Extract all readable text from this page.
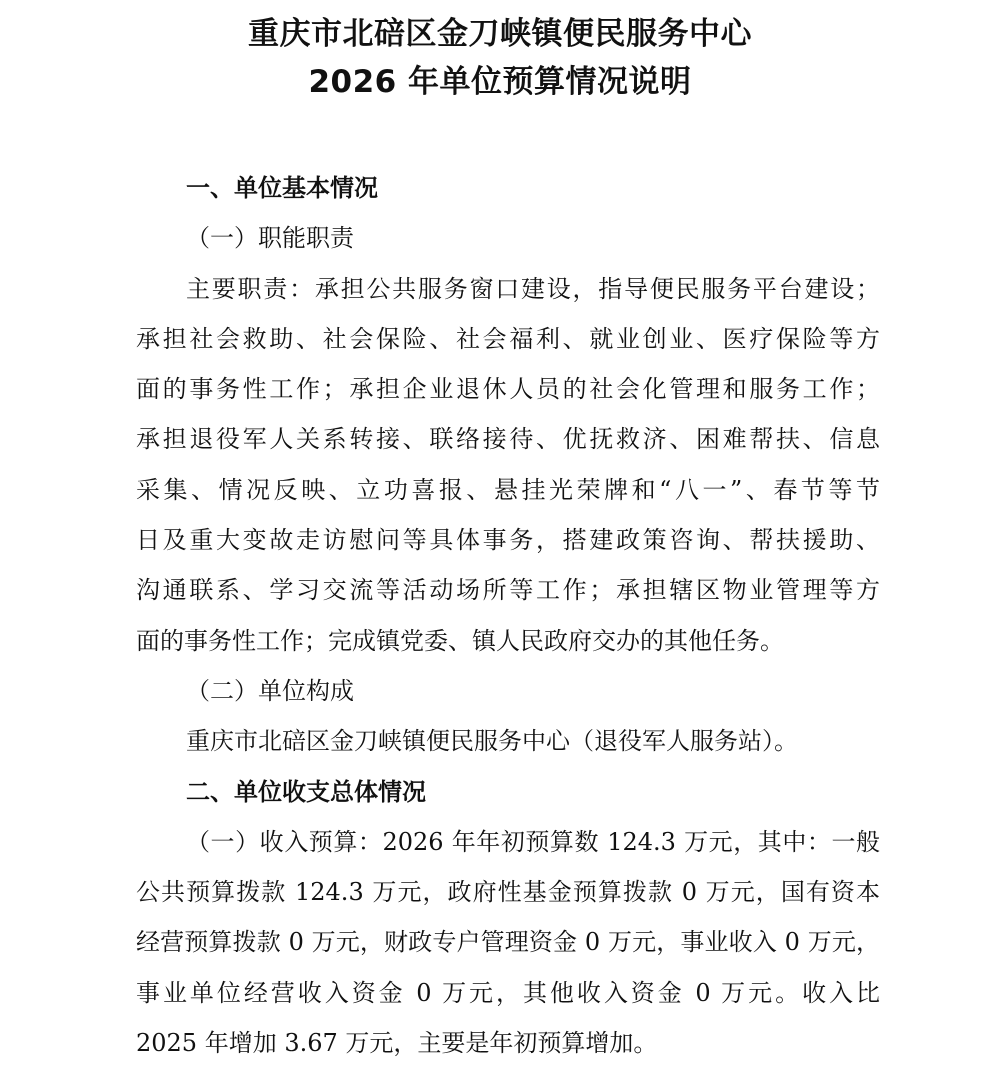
重庆市北碚区金刀峡镇便民服务中心
2026 年单位预算情况说明

一、单位基本情况

（一）职能职责

主要职责：承担公共服务窗口建设，指导便民服务平台建设；

承担社会救助、社会保险、社会福利、就业创业、医疗保险等方

面的事务性工作；承担企业退休人员的社会化管理和服务工作；

承担退役军人关系转接、联络接待、优抚救济、困难帮扶、信息

采集、情况反映、立功喜报、悬挂光荣牌和“八一”、春节等节

日及重大变故走访慰问等具体事务，搭建政策咨询、帮扶援助、

沟通联系、学习交流等活动场所等工作；承担辖区物业管理等方

面的事务性工作；完成镇党委、镇人民政府交办的其他任务。

（二）单位构成

重庆市北碚区金刀峡镇便民服务中心（退役军人服务站）。

二、单位收支总体情况

（一）收入预算：2026 年年初预算数 124.3 万元，其中：一般

公共预算拨款 124.3 万元，政府性基金预算拨款 0 万元，国有资本

经营预算拨款 0 万元，财政专户管理资金 0 万元，事业收入 0 万元，

事业单位经营收入资金 0 万元，其他收入资金 0 万元。收入比

2025 年增加 3.67 万元，主要是年初预算增加。
